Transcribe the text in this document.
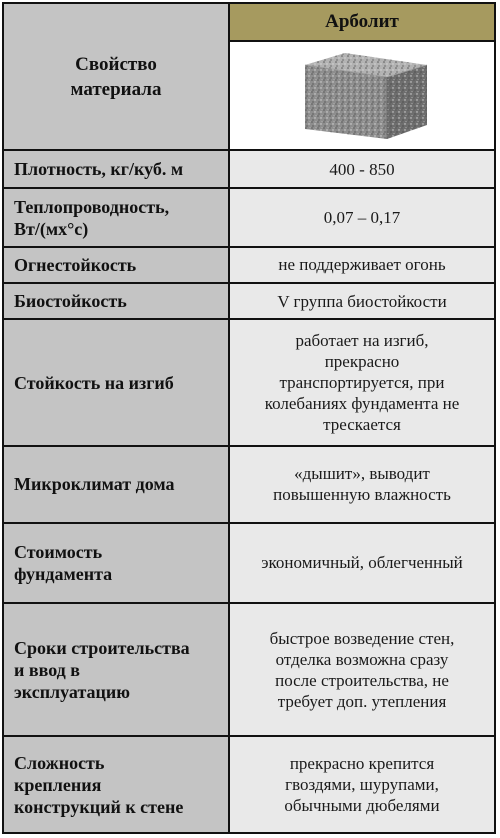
Свойство
материала	Арболит

Плотность, кг/куб. м	400 - 850
Теплопроводность,
Вт/(мх°с)	0,07 – 0,17
Огнестойкость	не поддерживает огонь
Биостойкость	V группа биостойкости
Стойкость на изгиб	работает на изгиб,
прекрасно
транспортируется, при
колебаниях фундамента не
трескается
Микроклимат дома	«дышит», выводит
повышенную влажность
Стоимость
фундамента	экономичный, облегченный
Сроки строительства
и ввод в
эксплуатацию	быстрое возведение стен,
отделка возможна сразу
после строительства, не
требует доп. утепления
Сложность
крепления
конструкций к стене	прекрасно крепится
гвоздями, шурупами,
обычными дюбелями
